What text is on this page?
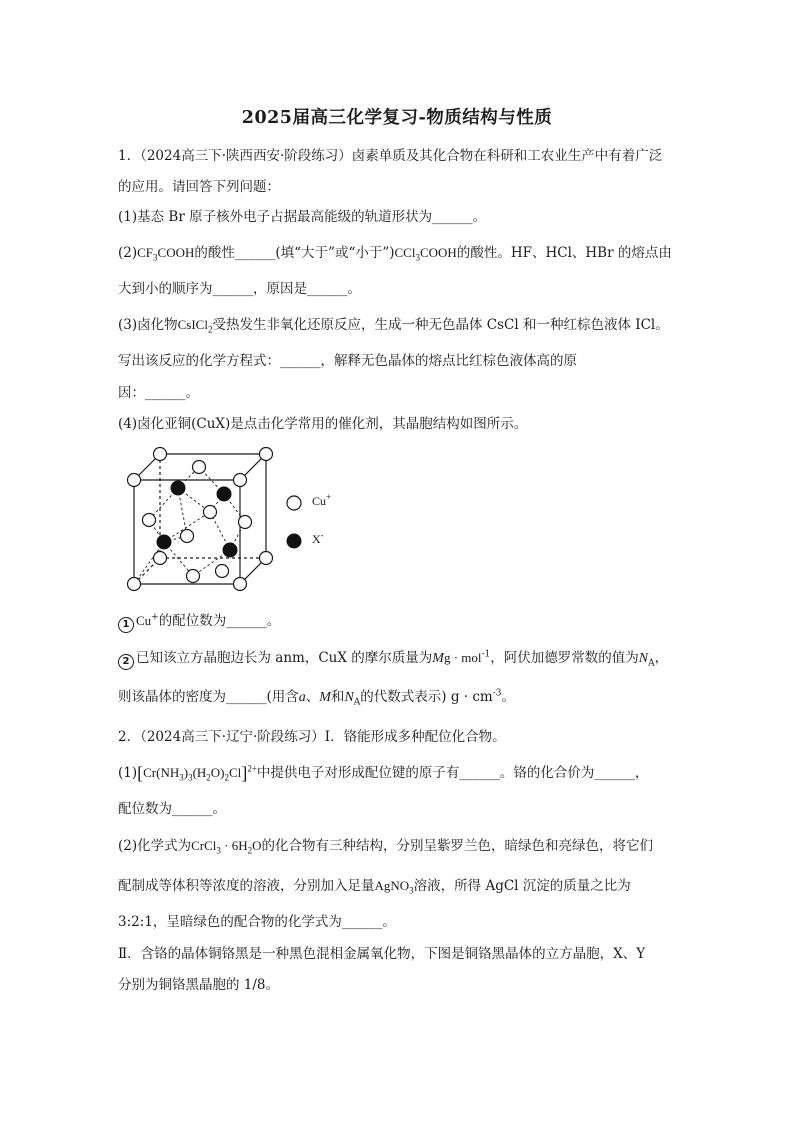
2025届高三化学复习-物质结构与性质
1．（2024高三下·陕西西安·阶段练习）卤素单质及其化合物在科研和工农业生产中有着广泛
的应用。请回答下列问题：
(1)基态 Br 原子核外电子占据最高能级的轨道形状为______。
$(2)CF_3COOH$的酸性______(填“大于”或“小于”)CCl$_3$COOH的酸性。HF、HCl、HBr 的熔点由
大到小的顺序为______，原因是______。
(3)卤化物CsICl$_2$受热发生非氧化还原反应，生成一种无色晶体 CsCl 和一种红棕色液体 ICl。
写出该反应的化学方程式：______，解释无色晶体的熔点比红棕色液体高的原
因：______。
(4)卤化亚铜(CuX)是点击化学常用的催化剂，其晶胞结构如图所示。
Cu+
X-
1 Cu+的配位数为______。
2 已知该立方晶胞边长为 anm，CuX 的摩尔质量为Mg · mol$^{-1}$，阿伏加德罗常数的值为$N_A$，
则该晶体的密度为______(用含a、M和$N_A$的代数式表示) $g \cdot cm^{-3}$。
2．（2024高三下·辽宁·阶段练习）Ⅰ．铬能形成多种配位化合物。
$(1)[Cr(NH_3)_3(H_2O)_2Cl]^{2+}$中提供电子对形成配位键的原子有______。铬的化合价为______，
配位数为______。
(2)化学式为CrCl$_3$ · $6H_2O$的化合物有三种结构，分别呈紫罗兰色，暗绿色和亮绿色，将它们
配制成等体积等浓度的溶液，分别加入足量AgNO$_3$溶液，所得 AgCl 沉淀的质量之比为
3:2:1，呈暗绿色的配合物的化学式为______。
Ⅱ．含铬的晶体铜铬黑是一种黑色混相金属氧化物，下图是铜铬黑晶体的立方晶胞，X、Y
分别为铜铬黑晶胞的 1/8。
